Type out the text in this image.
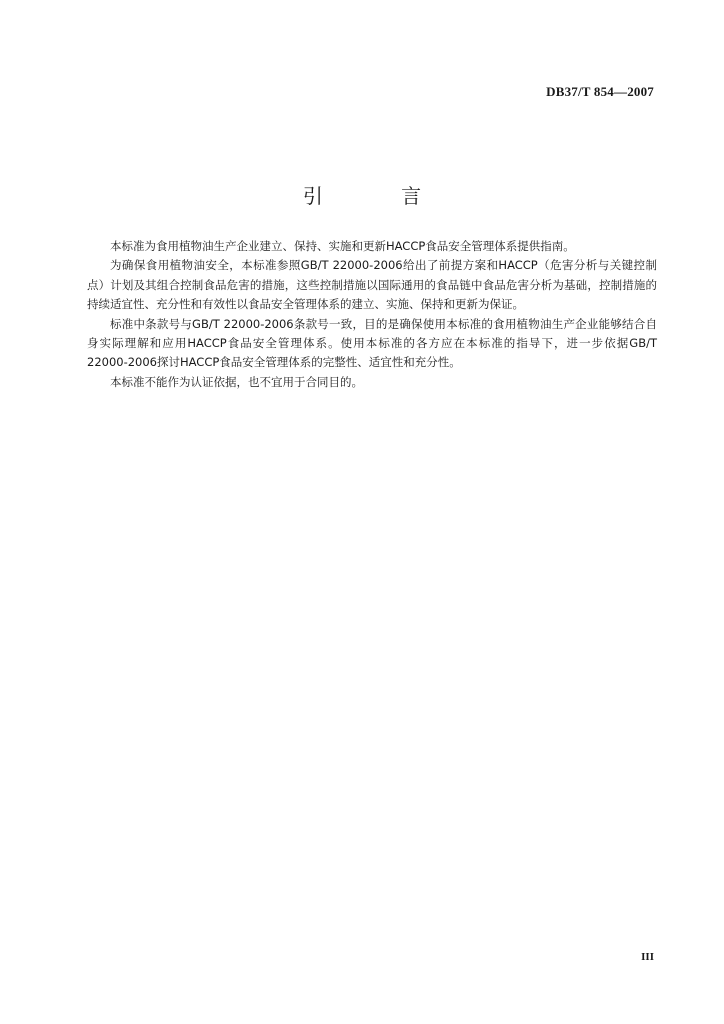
DB37/T 854—2007
引 言

本标准为食用植物油生产企业建立、保持、实施和更新HACCP食品安全管理体系提供指南。

为确保食用植物油安全，本标准参照GB/T 22000-2006给出了前提方案和HACCP（危害分析与关键控制点）计划及其组合控制食品危害的措施，这些控制措施以国际通用的食品链中食品危害分析为基础，控制措施的持续适宜性、充分性和有效性以食品安全管理体系的建立、实施、保持和更新为保证。

标准中条款号与GB/T 22000-2006条款号一致，目的是确保使用本标准的食用植物油生产企业能够结合自身实际理解和应用HACCP食品安全管理体系。使用本标准的各方应在本标准的指导下，进一步依据GB/T 22000-2006探讨HACCP食品安全管理体系的完整性、适宜性和充分性。

本标准不能作为认证依据，也不宜用于合同目的。

III
